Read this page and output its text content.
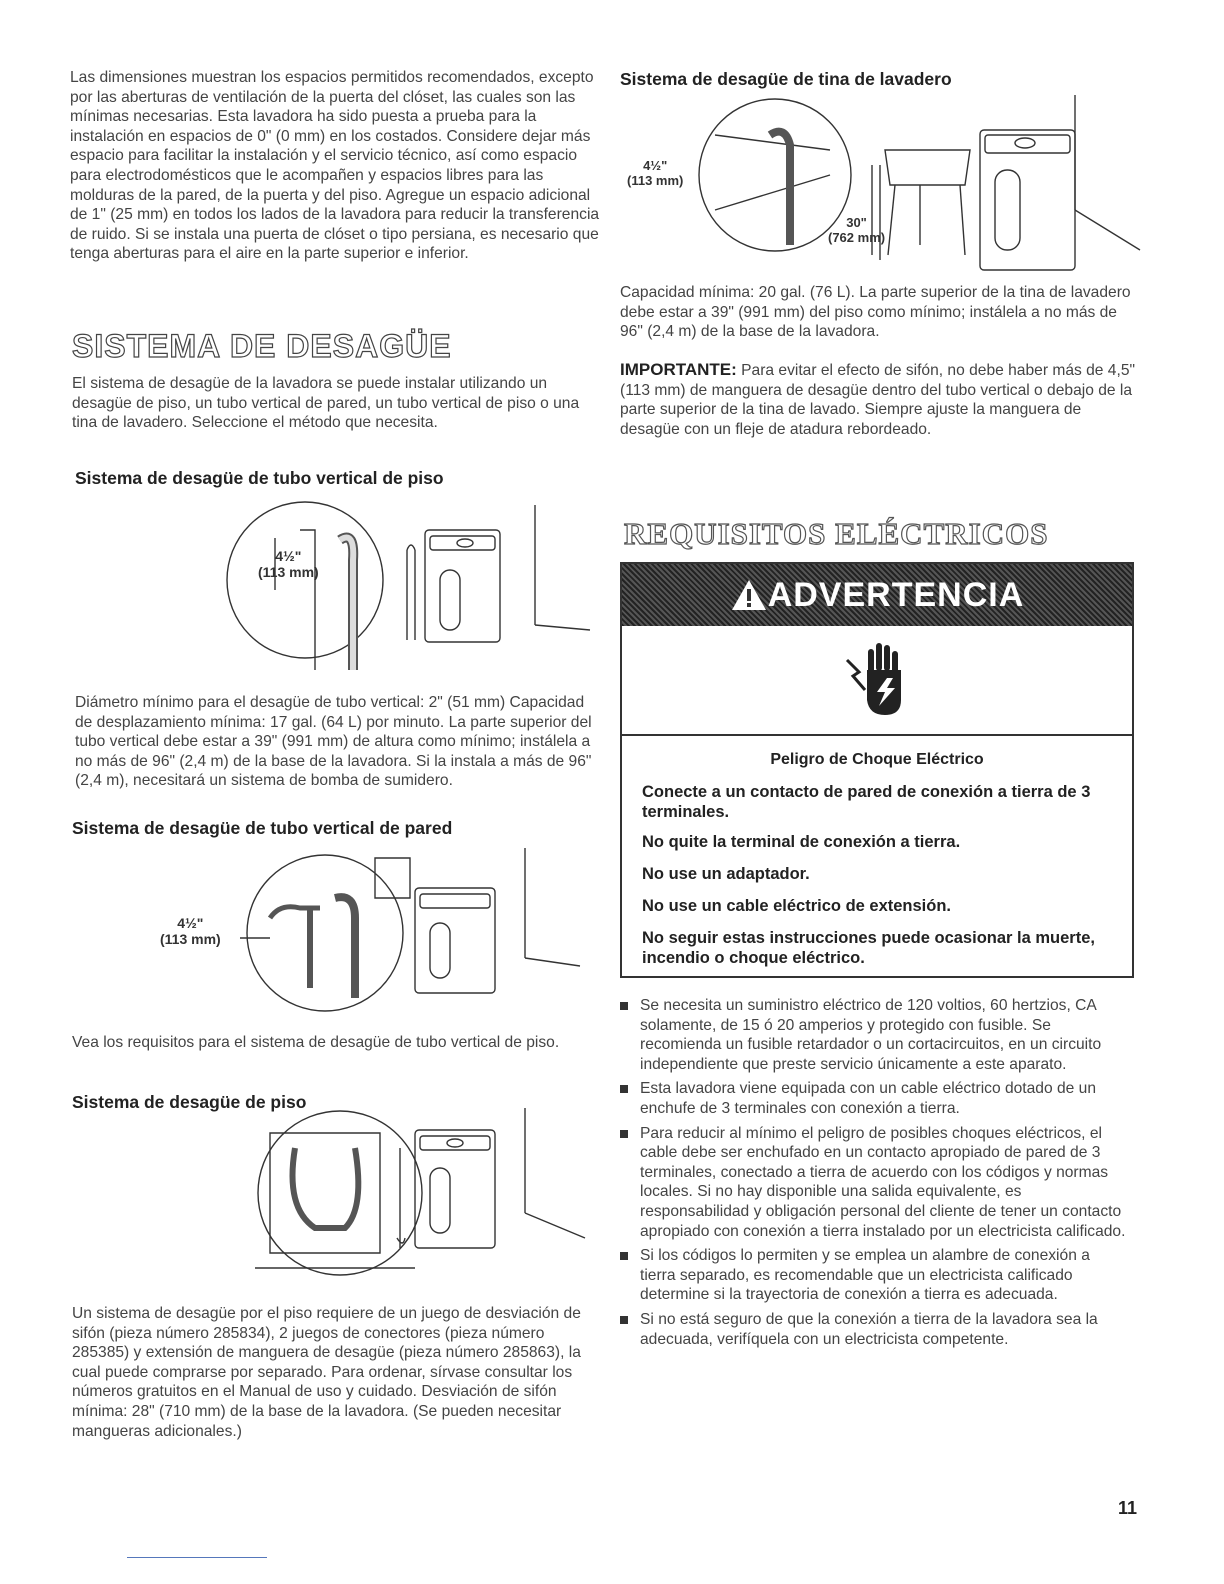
Las dimensiones muestran los espacios permitidos recomendados, excepto por las aberturas de ventilación de la puerta del clóset, las cuales son las mínimas necesarias. Esta lavadora ha sido puesta a prueba para la instalación en espacios de 0" (0 mm) en los costados. Considere dejar más espacio para facilitar la instalación y el servicio técnico, así como espacio para electrodomésticos que le acompañen y espacios libres para las molduras de la pared, de la puerta y del piso. Agregue un espacio adicional de 1" (25 mm) en todos los lados de la lavadora para reducir la transferencia de ruido. Si se instala una puerta de clóset o tipo persiana, es necesario que tenga aberturas para el aire en la parte superior e inferior.

SISTEMA DE DESAGÜE

El sistema de desagüe de la lavadora se puede instalar utilizando un desagüe de piso, un tubo vertical de pared, un tubo vertical de piso o una tina de lavadero. Seleccione el método que necesita.

Sistema de desagüe de tubo vertical de piso
4½"
(113 mm)

Diámetro mínimo para el desagüe de tubo vertical: 2" (51 mm) Capacidad de desplazamiento mínima: 17 gal. (64 L) por minuto. La parte superior del tubo vertical debe estar a 39" (991 mm) de altura como mínimo; instálela a no más de 96" (2,4 m) de la base de la lavadora. Si la instala a más de 96" (2,4 m), necesitará un sistema de bomba de sumidero.

Sistema de desagüe de tubo vertical de pared
4½"
(113 mm)

Vea los requisitos para el sistema de desagüe de tubo vertical de piso.

Sistema de desagüe de piso

Un sistema de desagüe por el piso requiere de un juego de desviación de sifón (pieza número 285834), 2 juegos de conectores (pieza número 285385) y extensión de manguera de desagüe (pieza número 285863), la cual puede comprarse por separado. Para ordenar, sírvase consultar los números gratuitos en el Manual de uso y cuidado. Desviación de sifón mínima: 28" (710 mm) de la base de la lavadora. (Se pueden necesitar mangueras adicionales.)

Sistema de desagüe de tina de lavadero
4½"
(113 mm)
30"
(762 mm)

Capacidad mínima: 20 gal. (76 L). La parte superior de la tina de lavadero debe estar a 39" (991 mm) del piso como mínimo; instálela a no más de 96" (2,4 m) de la base de la lavadora.

IMPORTANTE: Para evitar el efecto de sifón, no debe haber más de 4,5" (113 mm) de manguera de desagüe dentro del tubo vertical o debajo de la parte superior de la tina de lavado. Siempre ajuste la manguera de desagüe con un fleje de atadura rebordeado.

REQUISITOS ELÉCTRICOS
ADVERTENCIA

Peligro de Choque Eléctrico

Conecte a un contacto de pared de conexión a tierra de 3 terminales.

No quite la terminal de conexión a tierra.

No use un adaptador.

No use un cable eléctrico de extensión.

No seguir estas instrucciones puede ocasionar la muerte, incendio o choque eléctrico.

Se necesita un suministro eléctrico de 120 voltios, 60 hertzios, CA solamente, de 15 ó 20 amperios y protegido con fusible. Se recomienda un fusible retardador o un cortacircuitos, en un circuito independiente que preste servicio únicamente a este aparato.
Esta lavadora viene equipada con un cable eléctrico dotado de un enchufe de 3 terminales con conexión a tierra.
Para reducir al mínimo el peligro de posibles choques eléctricos, el cable debe ser enchufado en un contacto apropiado de pared de 3 terminales, conectado a tierra de acuerdo con los códigos y normas locales. Si no hay disponible una salida equivalente, es responsabilidad y obligación personal del cliente de tener un contacto apropiado con conexión a tierra instalado por un electricista calificado.
Si los códigos lo permiten y se emplea un alambre de conexión a tierra separado, es recomendable que un electricista calificado determine si la trayectoria de conexión a tierra es adecuada.
Si no está seguro de que la conexión a tierra de la lavadora sea la adecuada, verifíquela con un electricista competente.
11
